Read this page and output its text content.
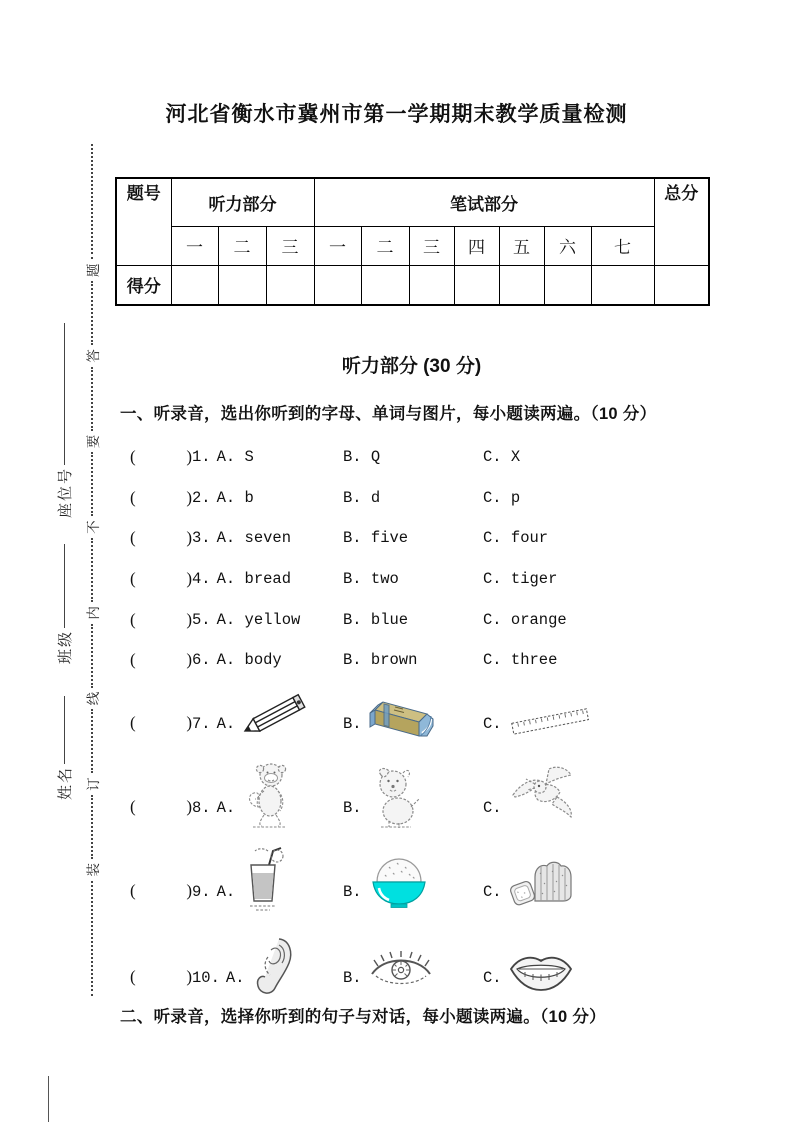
姓名
班级
座位号
装
订
线
内
不
要
答
题
河北省衡水市冀州市第一学期期末教学质量检测
题号	听力部分			笔试部分							总分
	一	二	三	一	二	三	四	五	六	七	
得分											
听力部分 (30 分)
一、听录音，选出你听到的字母、单词与图片，每小题读两遍。（10 分）
(	) 1. A. S	B. Q	C. X
(	) 2. A. b	B. d	C. p
(	) 3. A. seven	B. five	C. four
(	) 4. A. bread	B. two	C. tiger
(	) 5. A. yellow	B. blue	C. orange
(	) 6. A. body	B. brown	C. three
(	) 7. A.	B.	C.
(	) 8. A.	B.	C.
(	) 9. A.	B.	C.
(	) 10. A.	B.	C.
二、听录音，选择你听到的句子与对话，每小题读两遍。（10 分）
